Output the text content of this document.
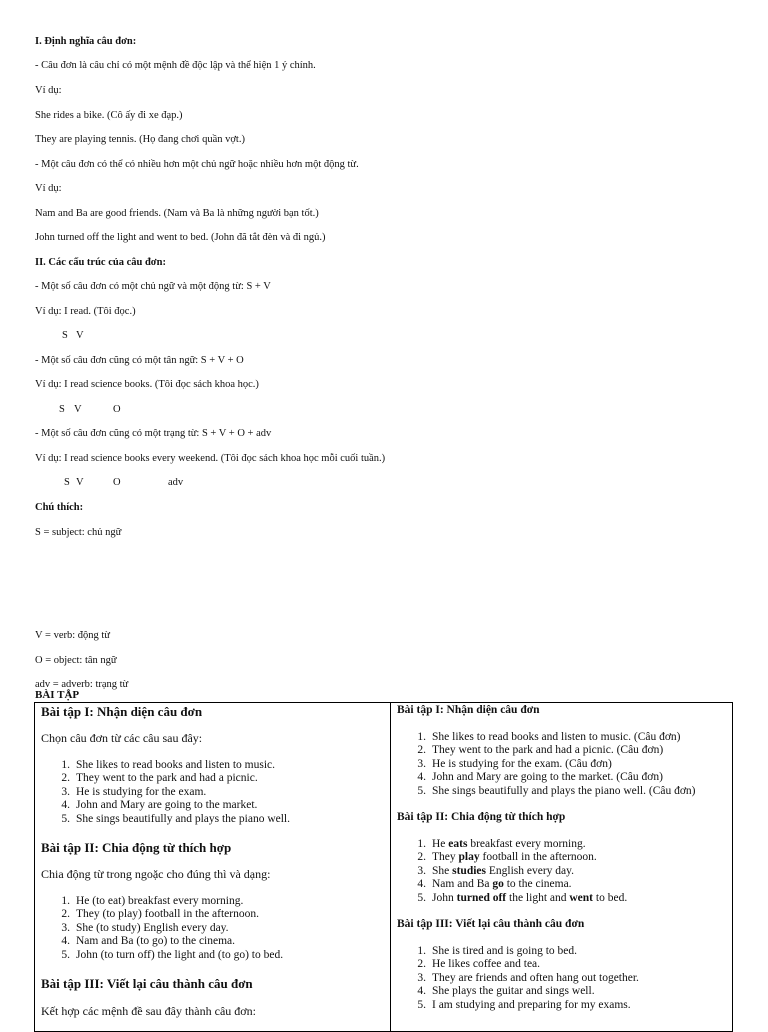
I. Định nghĩa câu đơn:
- Câu đơn là câu chỉ có một mệnh đề độc lập và thể hiện 1 ý chính.
Ví dụ:
She rides a bike. (Cô ấy đi xe đạp.)
They are playing tennis. (Họ đang chơi quần vợt.)
- Một câu đơn có thể có nhiều hơn một chủ ngữ hoặc nhiều hơn một động từ.
Ví dụ:
Nam and Ba are good friends. (Nam và Ba là những người bạn tốt.)
John turned off the light and went to bed. (John đã tắt đèn và đi ngủ.)
II. Các cấu trúc của câu đơn:
- Một số câu đơn có một chủ ngữ và một động từ: S + V
Ví dụ: I read. (Tôi đọc.)
S V
- Một số câu đơn cũng có một tân ngữ: S + V + O
Ví dụ: I read science books. (Tôi đọc sách khoa học.)
S V	O
- Một số câu đơn cũng có một trạng từ: S + V + O + adv
Ví dụ: I read science books every weekend. (Tôi đọc sách khoa học mỗi cuối tuần.)
S V	O	adv
Chú thích:
S = subject: chủ ngữ
V = verb: động từ
O = object: tân ngữ
adv = adverb: trạng từ
BÀI TẬP
Bài tập I: Nhận diện câu đơn
Chọn câu đơn từ các câu sau đây:
1. She likes to read books and listen to music.
2. They went to the park and had a picnic.
3. He is studying for the exam.
4. John and Mary are going to the market.
5. She sings beautifully and plays the piano well.
Bài tập II: Chia động từ thích hợp
Chia động từ trong ngoặc cho đúng thì và dạng:
1. He (to eat) breakfast every morning.
2. They (to play) football in the afternoon.
3. She (to study) English every day.
4. Nam and Ba (to go) to the cinema.
5. John (to turn off) the light and (to go) to bed.
Bài tập III: Viết lại câu thành câu đơn
Kết hợp các mệnh đề sau đây thành câu đơn:
Bài tập I: Nhận diện câu đơn
1. She likes to read books and listen to music. (Câu đơn)
2. They went to the park and had a picnic. (Câu đơn)
3. He is studying for the exam. (Câu đơn)
4. John and Mary are going to the market. (Câu đơn)
5. She sings beautifully and plays the piano well. (Câu đơn)
Bài tập II: Chia động từ thích hợp
1. He eats breakfast every morning.
2. They play football in the afternoon.
3. She studies English every day.
4. Nam and Ba go to the cinema.
5. John turned off the light and went to bed.
Bài tập III: Viết lại câu thành câu đơn
1. She is tired and is going to bed.
2. He likes coffee and tea.
3. They are friends and often hang out together.
4. She plays the guitar and sings well.
5. I am studying and preparing for my exams.
